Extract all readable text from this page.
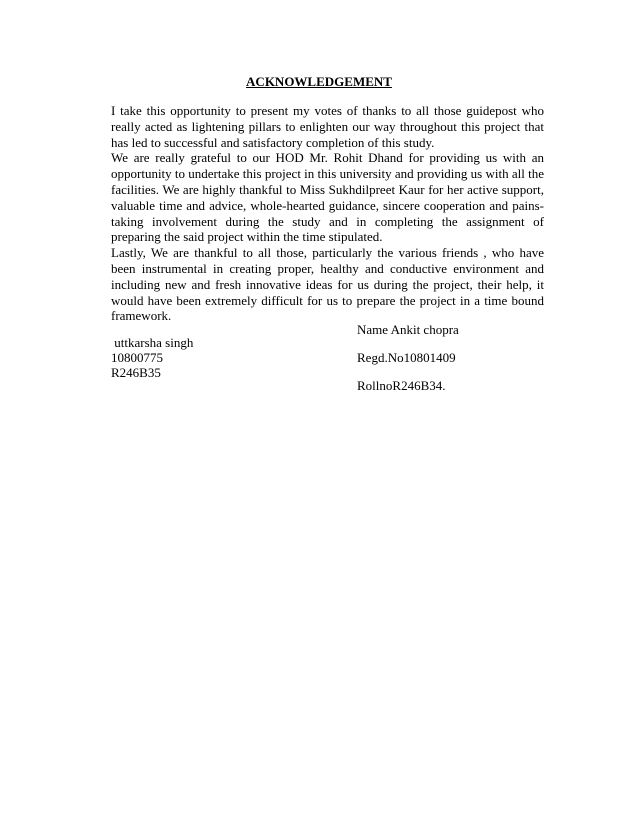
ACKNOWLEDGEMENT

I take this opportunity to present my votes of thanks to all those guidepost who really acted as lightening pillars to enlighten our way throughout this project that has led to successful and satisfactory completion of this study.

We are really grateful to our HOD Mr. Rohit Dhand for providing us with an opportunity to undertake this project in this university and providing us with all the facilities. We are highly thankful to Miss Sukhdilpreet Kaur for her active support, valuable time and advice, whole-hearted guidance, sincere cooperation and pains-taking involvement during the study and in completing the assignment of preparing the said project within the time stipulated.

Lastly, We are thankful to all those, particularly the various friends , who have been instrumental in creating proper, healthy and conductive environment and including new and fresh innovative ideas for us during the project, their help, it would have been extremely difficult for us to prepare the project in a time bound framework.

uttkarsha singh
10800775
R246B35
Name Ankit chopra
Regd.No10801409
RollnoR246B34.
